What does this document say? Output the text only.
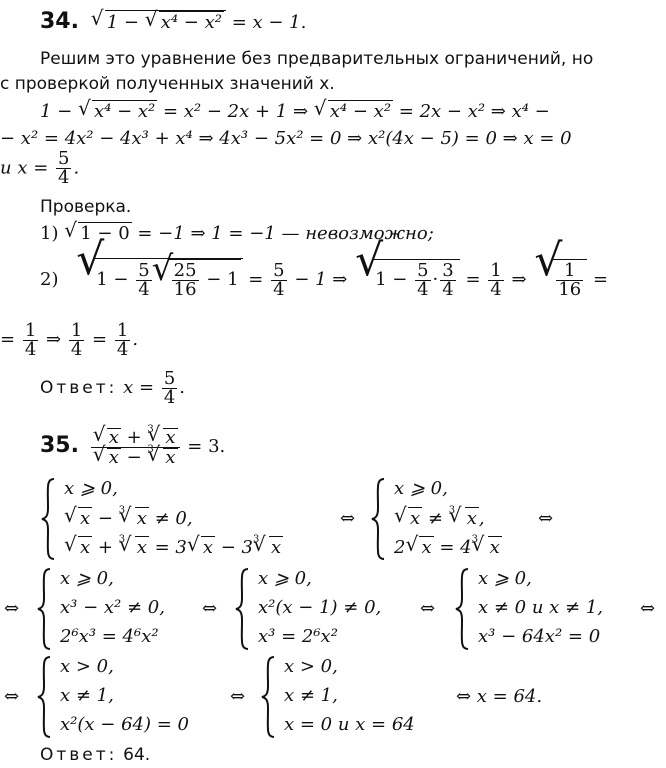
34. √ 1 − √ x⁴ − x² = x − 1.
Решим это уравнение без предварительных ограничений, но
с проверкой полученных значений x.
1 − √ x⁴ − x² = x² − 2x + 1 ⇒ √ x⁴ − x² = 2x − x² ⇒ x⁴ −
− x² = 4x² − 4x³ + x⁴ ⇒ 4x³ − 5x² = 0 ⇒ x²(4x − 5) = 0 ⇒ x = 0
и $x = \frac{5}{4}$ .
Проверка.
1) √ 1 − 0 = −1 ⇒ 1 = −1 — невозможно;
2) √ $1 - \frac{5}{4}$ √ $\frac{25}{16} - 1 = \frac{5}{4} - 1$ ⇒ √ $1 - \frac{5}{4} \cdot \frac{3}{4} = \frac{1}{4}$ ⇒ √ $\frac{1}{16}$ =
= $\frac{1}{4}$ ⇒ $\frac{1}{4} = \frac{1}{4}$ .
Ответ: $x = \frac{5}{4}$ .
35. √ x + √ 3 x
√ x − √ 3 x = 3.
x ⩾ 0,
√ x − √ 3 x ≠ 0,
√ x + √ 3 x = 3 √ x − 3 √ 3 x
⇔
x ⩾ 0,
√ x ≠ √ 3 x ,
2 √ x = 4 √ 3 x
⇔
⇔
x ⩾ 0,
x³ − x² ≠ 0,
2⁶x³ = 4⁶x²
⇔
x ⩾ 0,
x²(x − 1) ≠ 0,
x³ = 2⁶x²
⇔
x ⩾ 0,
x ≠ 0 и x ≠ 1,
x³ − 64x² = 0
⇔
⇔
x > 0,
x ≠ 1,
x²(x − 64) = 0
⇔
x > 0,
x ≠ 1,
x = 0 и x = 64
⇔ x = 64.
Ответ: 64.
